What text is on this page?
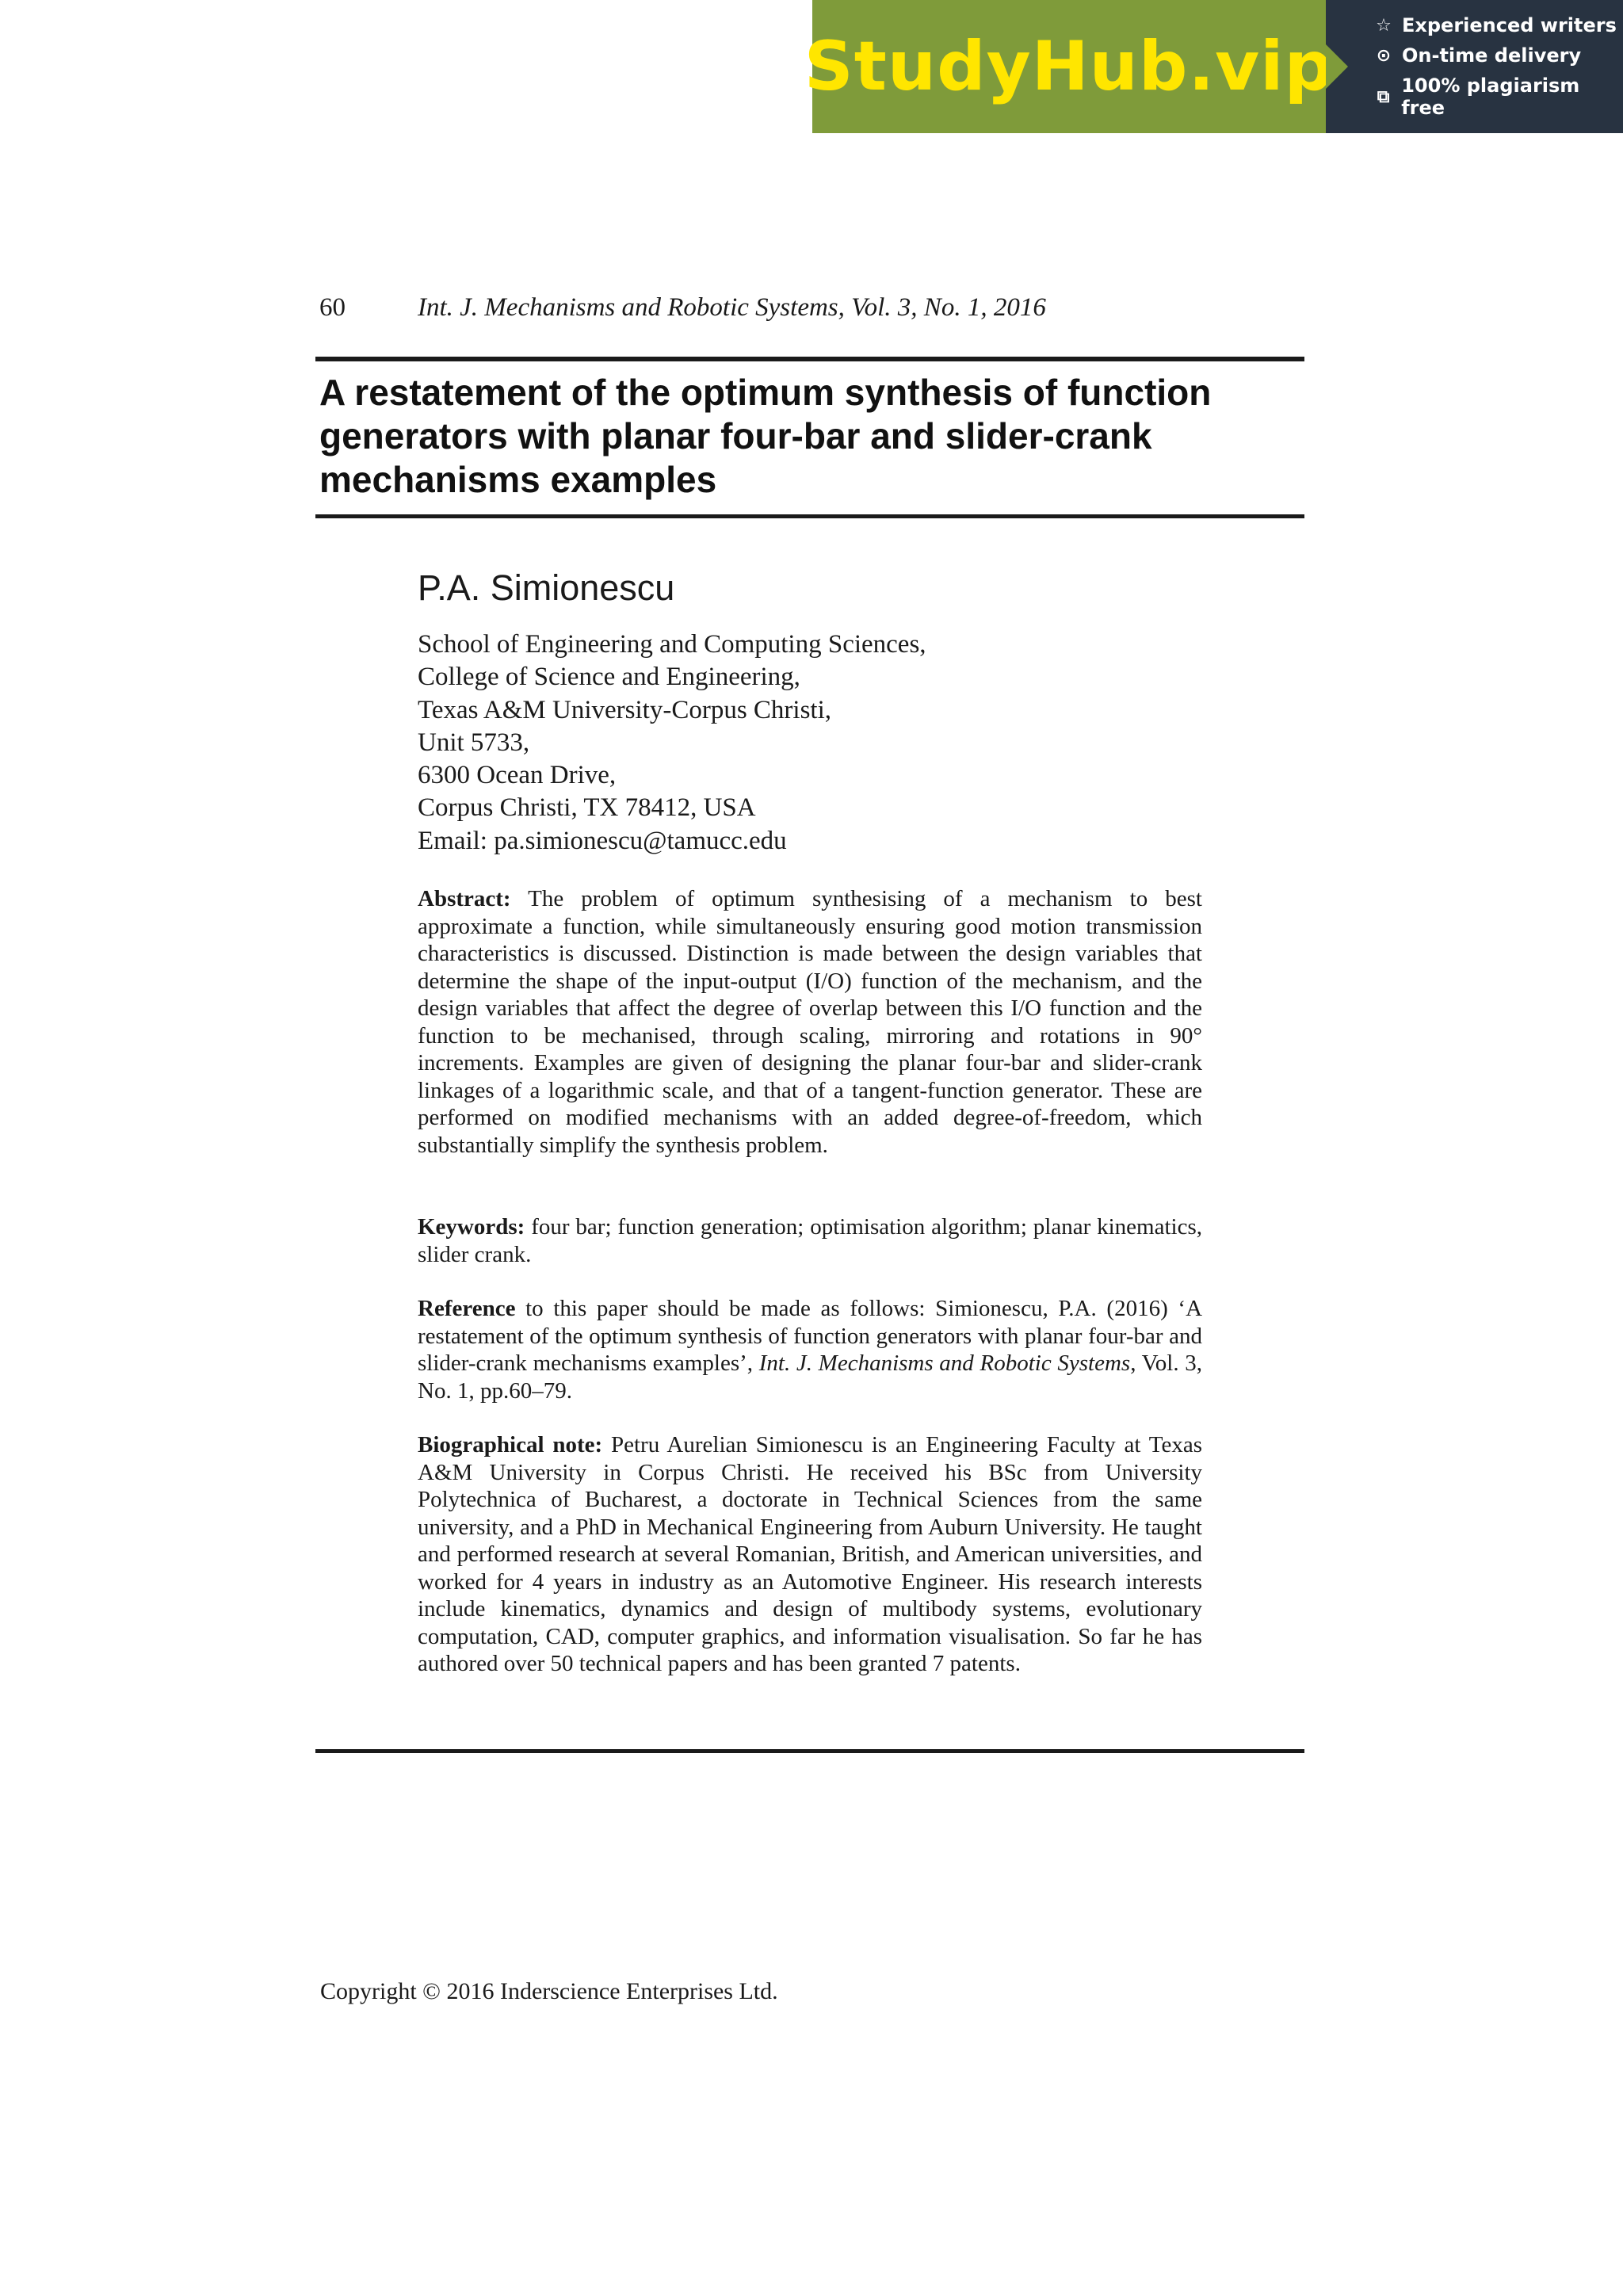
StudyHub.vip
☆ Experienced writers
⊙ On-time delivery
⧉ 100% plagiarism free
60	Int. J. Mechanisms and Robotic Systems, Vol. 3, No. 1, 2016
A restatement of the optimum synthesis of function generators with planar four-bar and slider-crank mechanisms examples
P.A. Simionescu
School of Engineering and Computing Sciences,
College of Science and Engineering,
Texas A&M University-Corpus Christi,
Unit 5733,
6300 Ocean Drive,
Corpus Christi, TX 78412, USA
Email: pa.simionescu@tamucc.edu

Abstract: The problem of optimum synthesising of a mechanism to best approximate a function, while simultaneously ensuring good motion transmission characteristics is discussed. Distinction is made between the design variables that determine the shape of the input-output (I/O) function of the mechanism, and the design variables that affect the degree of overlap between this I/O function and the function to be mechanised, through scaling, mirroring and rotations in 90° increments. Examples are given of designing the planar four-bar and slider-crank linkages of a logarithmic scale, and that of a tangent-function generator. These are performed on modified mechanisms with an added degree-of-freedom, which substantially simplify the synthesis problem.

Keywords: four bar; function generation; optimisation algorithm; planar kinematics, slider crank.

Reference to this paper should be made as follows: Simionescu, P.A. (2016) ‘A restatement of the optimum synthesis of function generators with planar four-bar and slider-crank mechanisms examples’, Int. J. Mechanisms and Robotic Systems, Vol. 3, No. 1, pp.60–79.

Biographical note: Petru Aurelian Simionescu is an Engineering Faculty at Texas A&M University in Corpus Christi. He received his BSc from University Polytechnica of Bucharest, a doctorate in Technical Sciences from the same university, and a PhD in Mechanical Engineering from Auburn University. He taught and performed research at several Romanian, British, and American universities, and worked for 4 years in industry as an Automotive Engineer. His research interests include kinematics, dynamics and design of multibody systems, evolutionary computation, CAD, computer graphics, and information visualisation. So far he has authored over 50 technical papers and has been granted 7 patents.

Copyright © 2016 Inderscience Enterprises Ltd.
